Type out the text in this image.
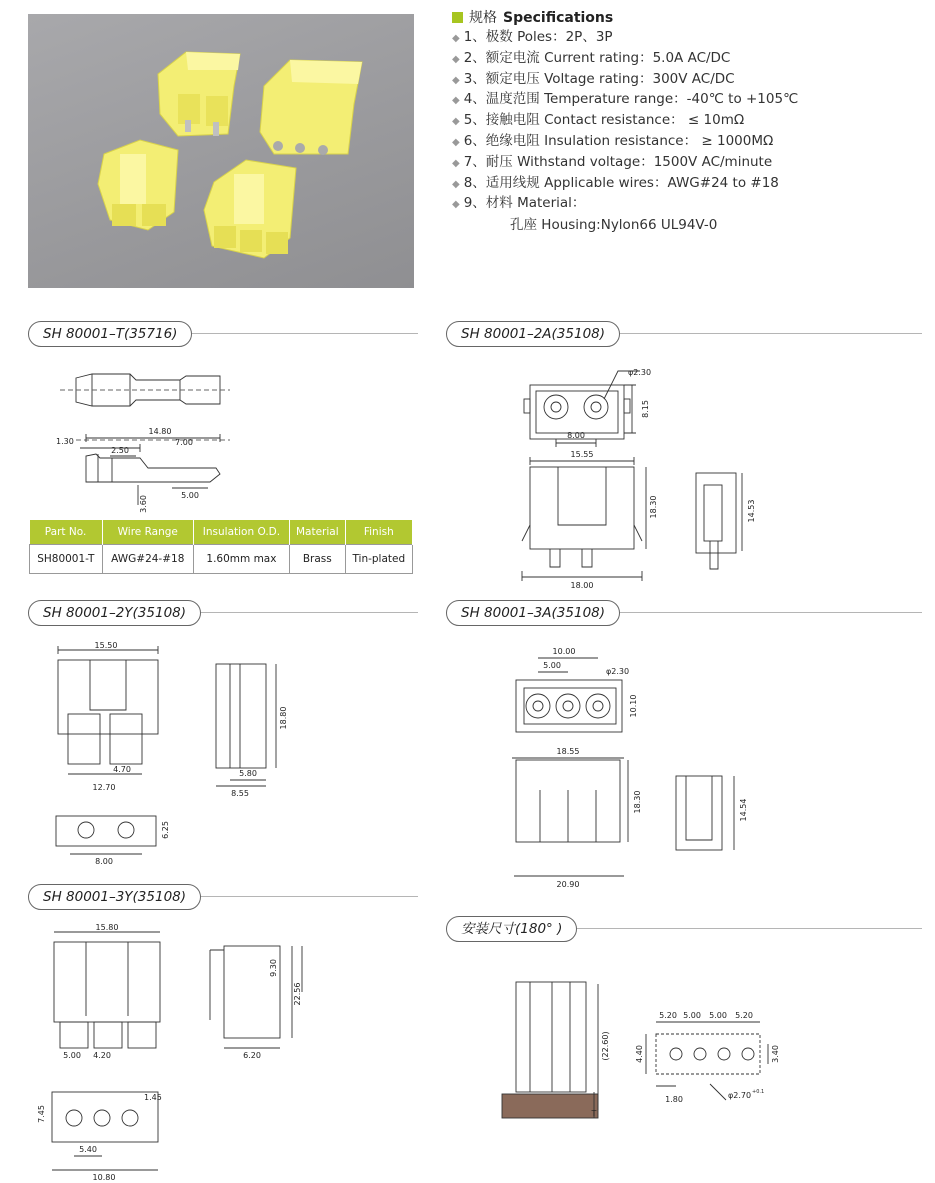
规格 Specifications
◆ 1、极数 Poles：2P、3P
◆ 2、额定电流 Current rating：5.0A AC/DC
◆ 3、额定电压 Voltage rating：300V AC/DC
◆ 4、温度范围 Temperature range：-40℃ to +105℃
◆ 5、接触电阻 Contact resistance： ≤ 10mΩ
◆ 6、绝缘电阻 Insulation resistance： ≥ 1000MΩ
◆ 7、耐压 Withstand voltage：1500V AC/minute
◆ 8、适用线规 Applicable wires：AWG#24 to #18
◆ 9、材料 Material：
孔座 Housing:Nylon66 UL94V-0
SH 80001–T(35716)	SH 80001–2A(35108)
SH 80001–2Y(35108)	SH 80001–3A(35108)
SH 80001–3Y(35108)
安装尺寸(180° )
14.80
1.30	7.00
2.50
3.60	5.00
Part No.	Wire Range	Insulation O.D.	Material	Finish
SH80001-T	AWG#24-#18	1.60mm max	Brass	Tin-plated
φ2.30
8.15
8.00
15.55
18.30
18.00
14.53
15.50
4.70
12.70
18.80
5.80
8.55
6.25
8.00
10.00
5.00
φ2.30
10.10
18.55
18.30
20.90
14.54
15.80
5.00 4.20
9.30
22.56
6.20
1.45
7.45
5.40
10.80
(22.60)
T
5.20 5.00 5.00 5.20
4.40	3.40
1.80	φ2.70 +0.1
